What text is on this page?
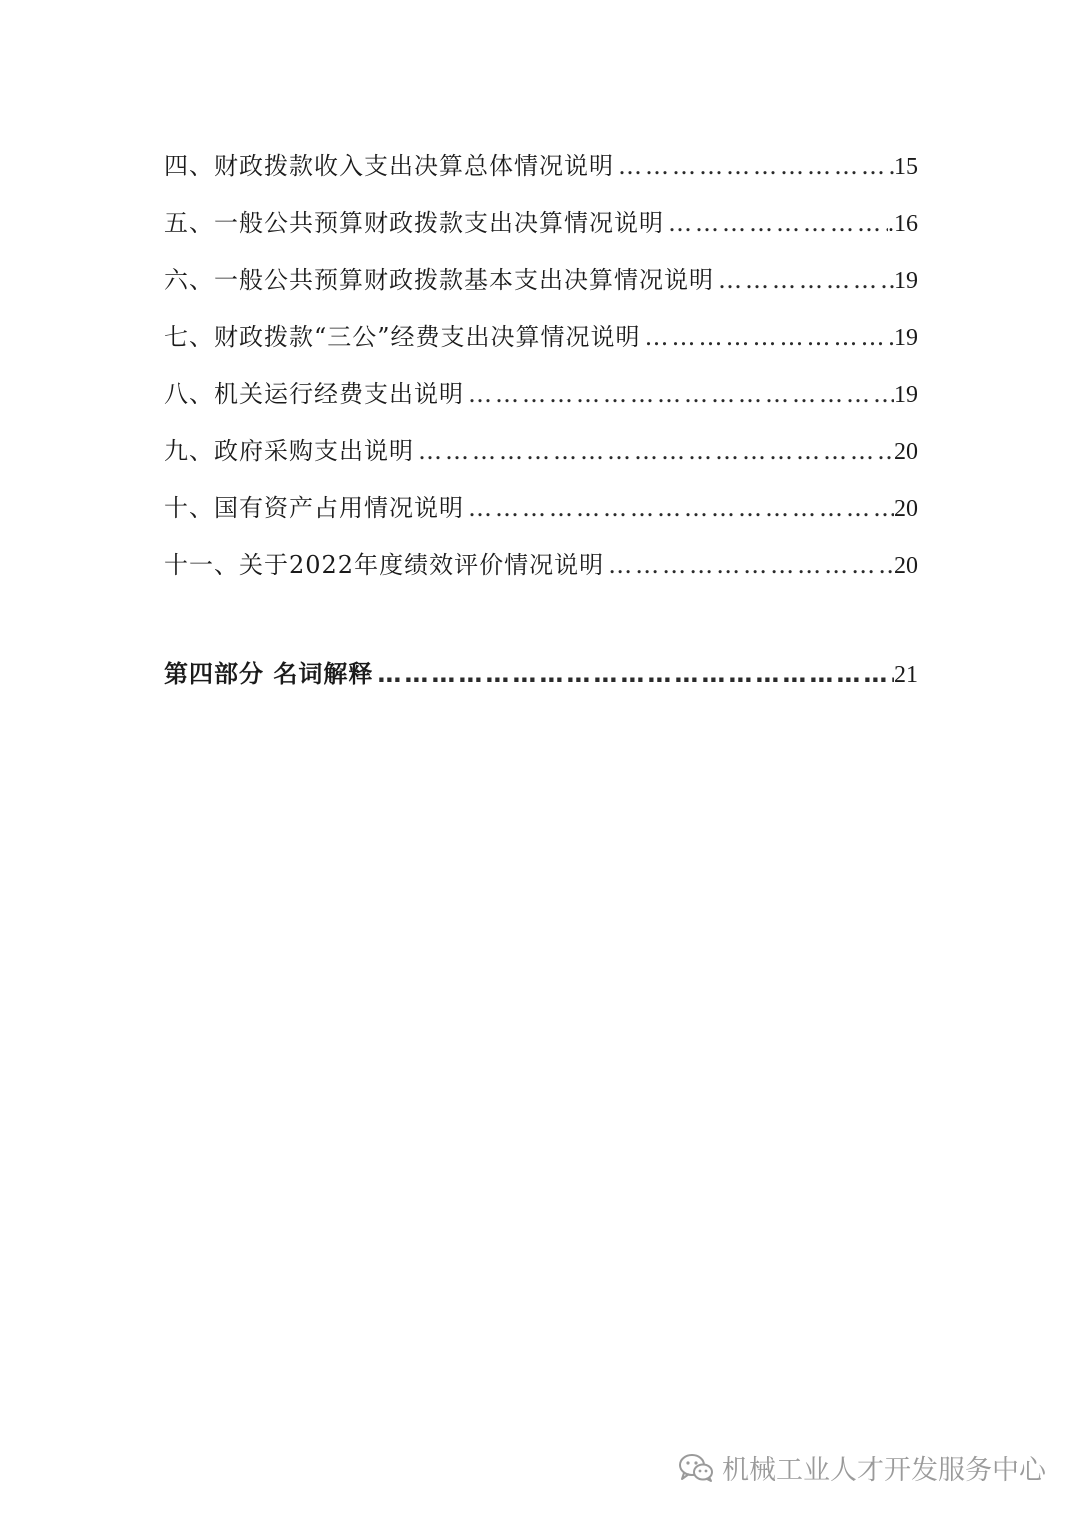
四、财政拨款收入支出决算总体情况说明 ……………………………………………………………………………………………………………………………………………	15
五、一般公共预算财政拨款支出决算情况说明 ……………………………………………………………………………………………………………………………………………	.16
六、一般公共预算财政拨款基本支出决算情况说明 ……………………………………………………………………………………………………………………………………………	19
七、财政拨款“三公”经费支出决算情况说明 ……………………………………………………………………………………………………………………………………………	19
八、机关运行经费支出说明 ……………………………………………………………………………………………………………………………………………	19
九、政府采购支出说明 ……………………………………………………………………………………………………………………………………………	20
十、国有资产占用情况说明 ……………………………………………………………………………………………………………………………………………	20
十一、关于2022年度绩效评价情况说明 ……………………………………………………………………………………………………………………………………………	20
第四部分 名词解释 ……………………………………………………………………………………………………………………………………………	21
机械工业人才开发服务中心
